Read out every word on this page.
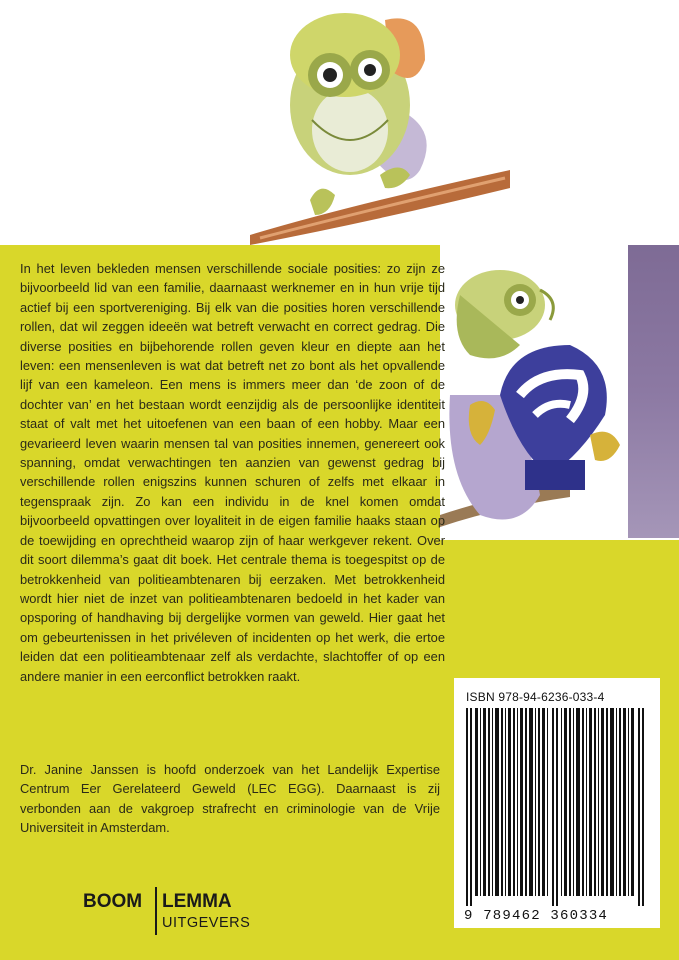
In het leven bekleden mensen verschillende sociale posities: zo zijn ze bijvoorbeeld lid van een familie, daarnaast werknemer en in hun vrije tijd actief bij een sportvereniging. Bij elk van die posities horen verschillende rollen, dat wil zeggen ideeën wat betreft verwacht en correct gedrag. Die diverse posities en bijbehorende rollen geven kleur en diepte aan het leven: een mensenleven is wat dat betreft net zo bont als het opvallende lijf van een kameleon. Een mens is immers meer dan ‘de zoon of de dochter van’ en het bestaan wordt eenzijdig als de persoonlijke identiteit staat of valt met het uitoefenen van een baan of een hobby. Maar een gevarieerd leven waarin mensen tal van posities innemen, genereert ook spanning, omdat verwachtingen ten aanzien van gewenst gedrag bij verschillende rollen enigszins kunnen schuren of zelfs met elkaar in tegenspraak zijn. Zo kan een individu in de knel komen omdat bijvoorbeeld opvattingen over loyaliteit in de eigen familie haaks staan op de toewijding en oprechtheid waarop zijn of haar werkgever rekent. Over dit soort dilemma’s gaat dit boek. Het centrale thema is toegespitst op de betrokkenheid van politieambtenaren bij eerzaken. Met betrokkenheid wordt hier niet de inzet van politieambtenaren bedoeld in het kader van opsporing of handhaving bij dergelijke vormen van geweld. Hier gaat het om gebeurtenissen in het privéleven of incidenten op het werk, die ertoe leiden dat een politieambtenaar zelf als verdachte, slachtoffer of op een andere manier in een eerconflict betrokken raakt.
Dr. Janine Janssen is hoofd onderzoek van het Landelijk Expertise Centrum Eer Gerelateerd Geweld (LEC EGG). Daarnaast is zij verbonden aan de vakgroep strafrecht en criminologie van de Vrije Universiteit in Amsterdam.
ISBN 978-94-6236-033-4
9 789462 360334
BOOM LEMMA
UITGEVERS
